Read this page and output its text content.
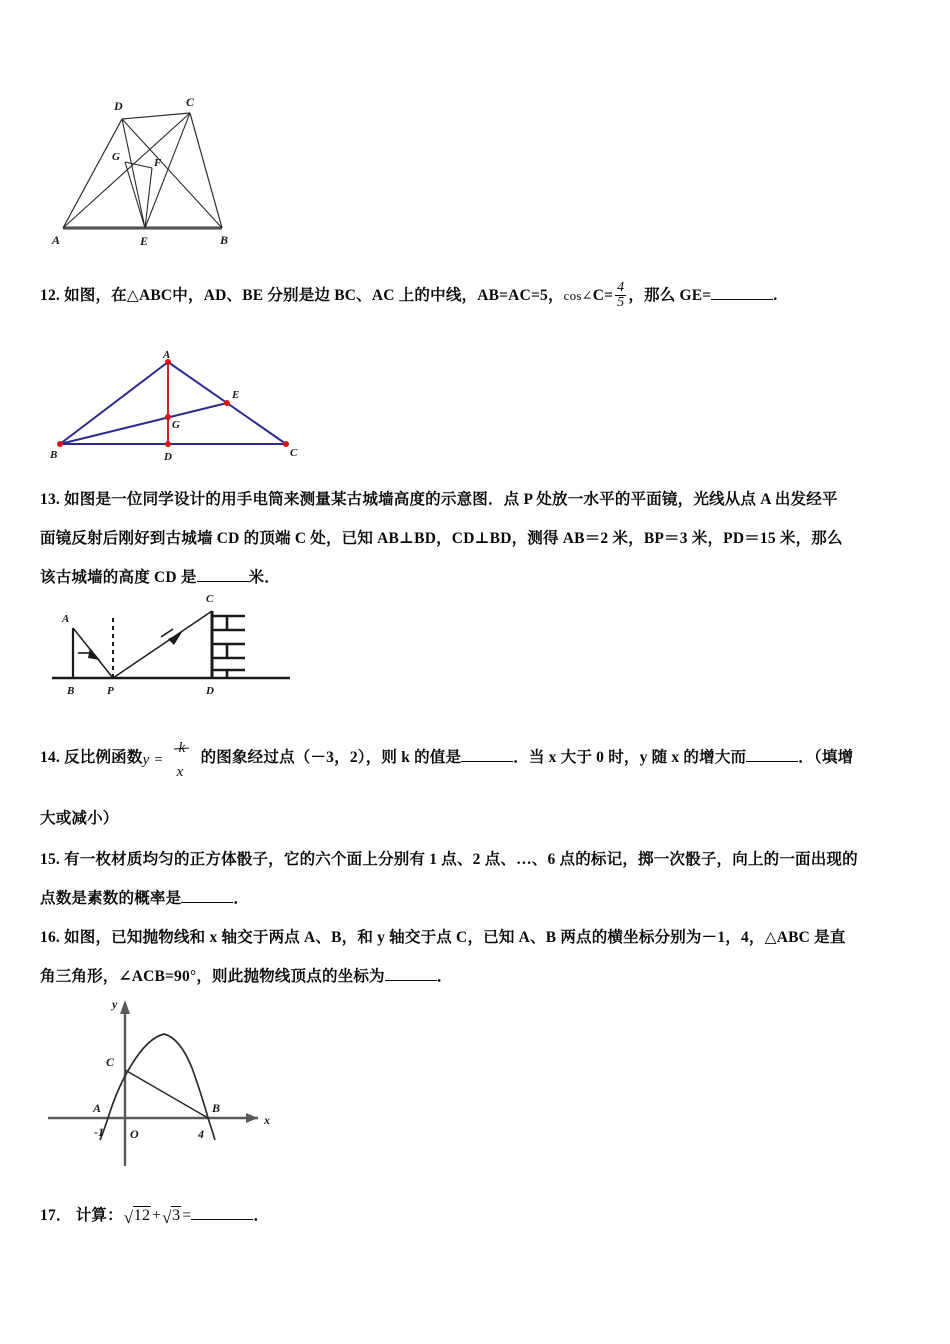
D	C
G	F
A	E	B
12. 如图，在△ABC中，AD、BE 分别是边 BC、AC 上的中线，AB=AC=5，cos∠C= $\frac{4}{5}$ ，那么 GE=	.
A
E
G
B	D	C
13. 如图是一位同学设计的用手电筒来测量某古城墙高度的示意图．点 P 处放一水平的平面镜，光线从点 A 出发经平
面镜反射后刚好到古城墙 CD 的顶端 C 处，已知 AB⊥BD，CD⊥BD，测得 AB＝2 米，BP＝3 米，PD＝15 米，那么
该古城墙的高度 CD 是	米．
A
C
B	P	D
14. 反比例函数 y =
k
x
的图象经过点（－3，2），则 k 的值是	．当 x 大于 0 时，y 随 x 的增大而	．（填增
大或减小）
15. 有一枚材质均匀的正方体骰子，它的六个面上分别有 1 点、2 点、…、6 点的标记，掷一次骰子，向上的一面出现的
点数是素数的概率是	．
16. 如图，已知抛物线和 x 轴交于两点 A、B，和 y 轴交于点 C，已知 A、B 两点的横坐标分别为－1，4，△ABC 是直
角三角形，∠ACB=90°，则此抛物线顶点的坐标为	．
y
x
C
A	B
-1 O	4
17． 计算： √ 12 + √ 3 =	．
